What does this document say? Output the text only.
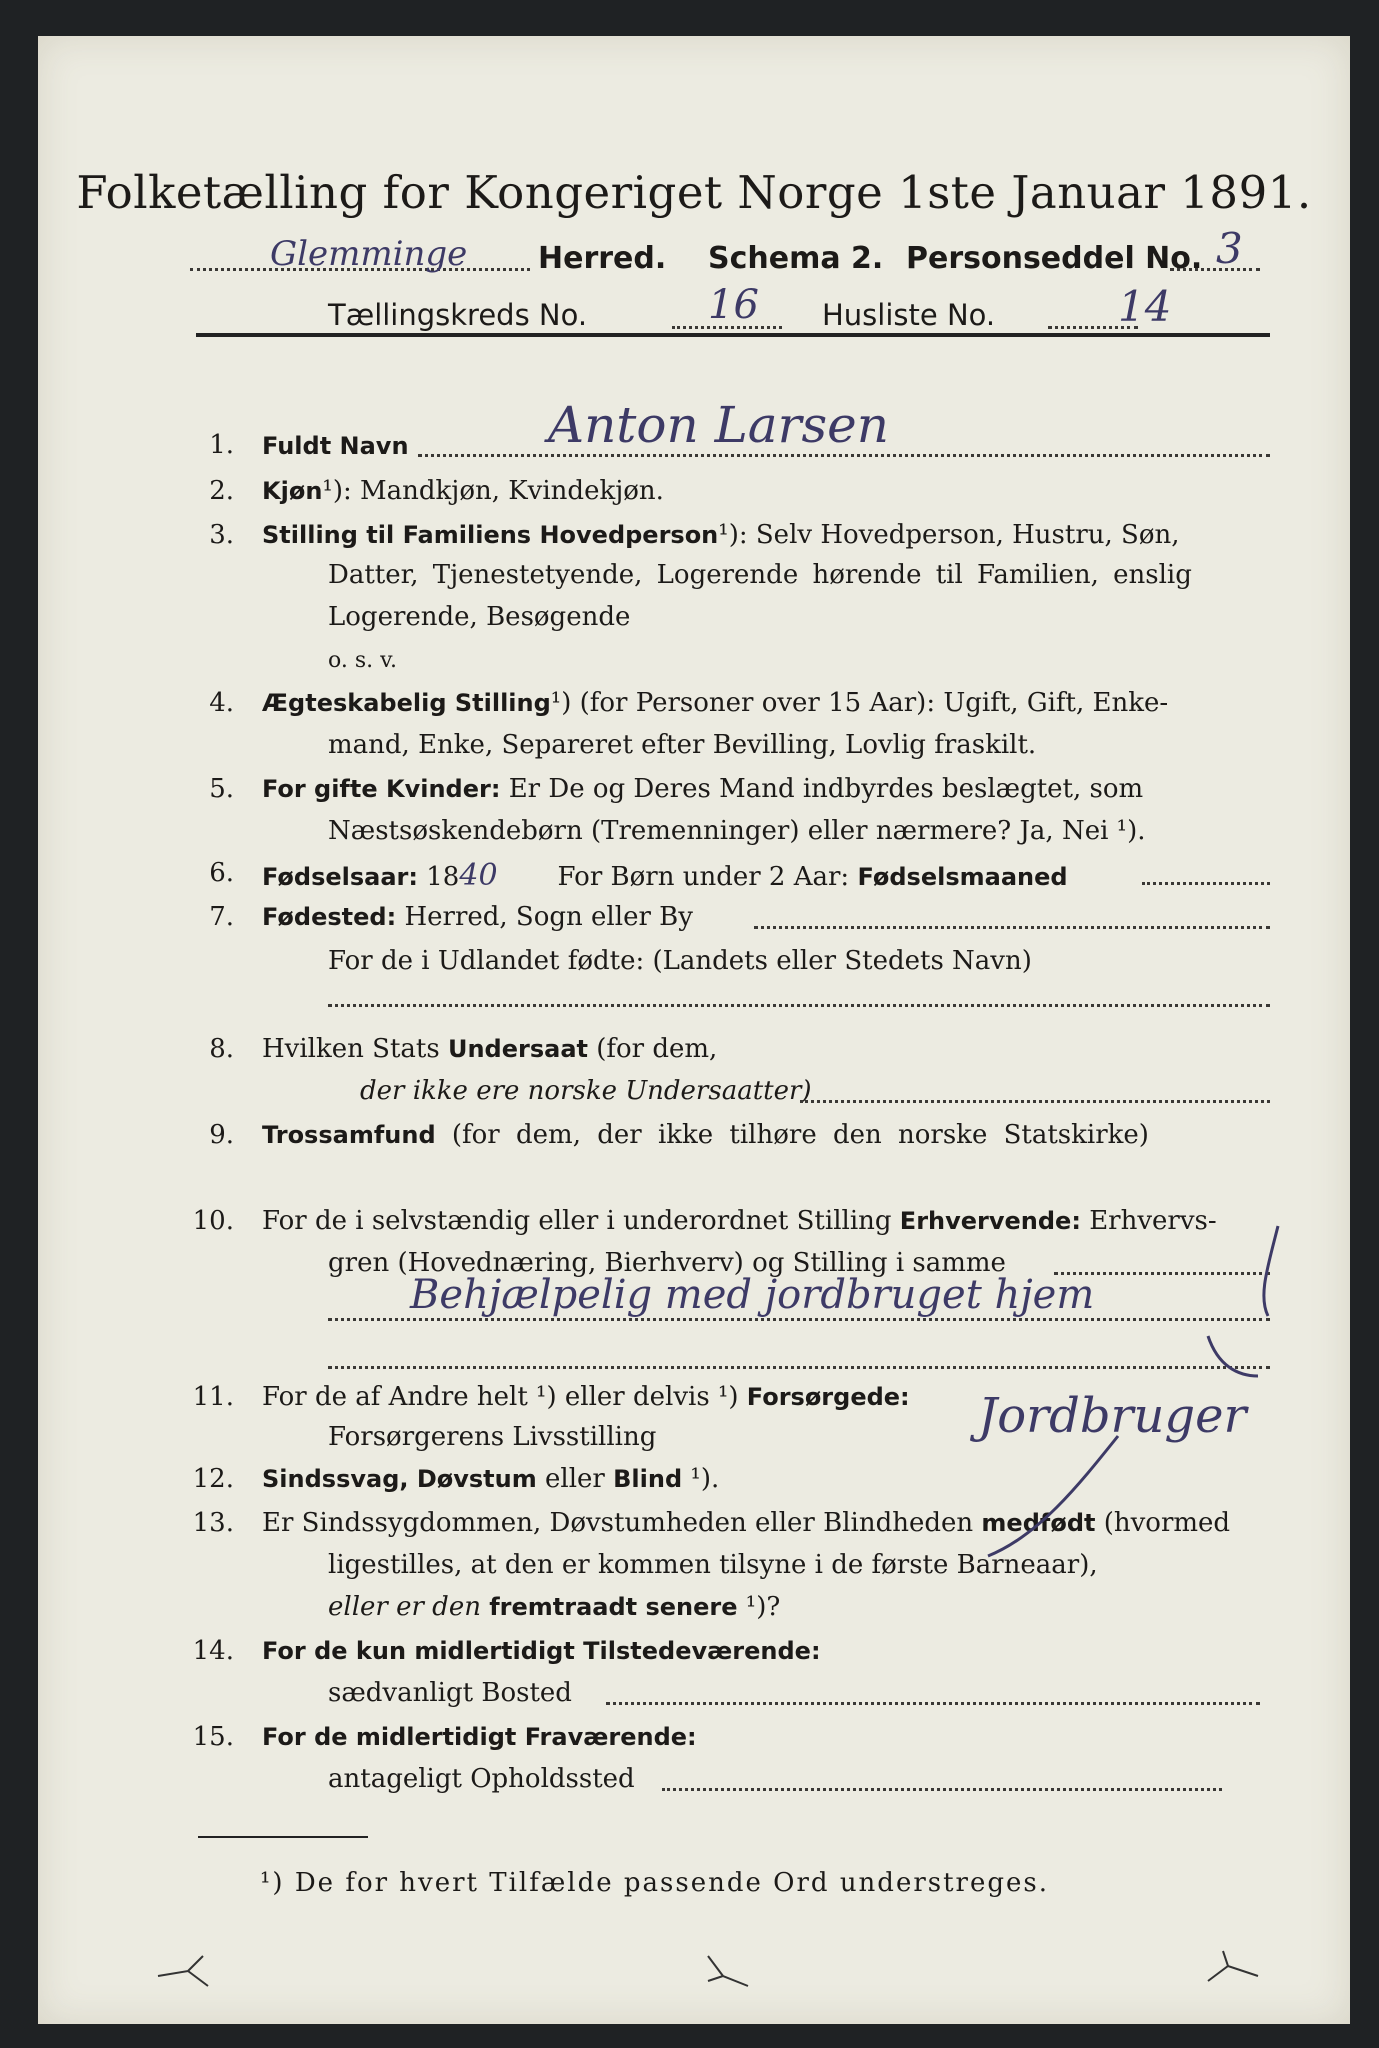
Folketælling for Kongeriget Norge 1ste Januar 1891.
Glemminge Herred. Schema 2. Personseddel No. 3
Tællingskreds No.	16 Husliste No.	14
1. Fuldt Navn	Anton Larsen
2. Kjøn¹): Mandkjøn, Kvindekjøn.
3. Stilling til Familiens Hovedperson¹): Selv Hovedperson, Hustru, Søn,
Datter, Tjenestetyende, Logerende hørende til Familien, enslig
Logerende, Besøgende
o. s. v.
4. Ægteskabelig Stilling¹) (for Personer over 15 Aar): Ugift, Gift, Enke-
mand, Enke, Separeret efter Bevilling, Lovlig fraskilt.
5. For gifte Kvinder: Er De og Deres Mand indbyrdes beslægtet, som
Næstsøskendebørn (Tremenninger) eller nærmere? Ja, Nei ¹).
6. Fødselsaar: 1840 For Børn under 2 Aar: Fødselsmaaned
7. Fødested: Herred, Sogn eller By
For de i Udlandet fødte: (Landets eller Stedets Navn)
8. Hvilken Stats Undersaat (for dem,
der ikke ere norske Undersaatter)
9. Trossamfund (for dem, der ikke tilhøre den norske Statskirke)
10. For de i selvstændig eller i underordnet Stilling Erhvervende: Erhvervs-
gren (Hovednæring, Bierhverv) og Stilling i samme
Behjælpelig med jordbruget hjem
11. For de af Andre helt ¹) eller delvis ¹) Forsørgede:
Forsørgerens Livsstilling	Jordbruger
12. Sindssvag, Døvstum eller Blind ¹).
13. Er Sindssygdommen, Døvstumheden eller Blindheden medfødt (hvormed
ligestilles, at den er kommen tilsyne i de første Barneaar),
eller er den fremtraadt senere ¹)?
14. For de kun midlertidigt Tilstedeværende:
sædvanligt Bosted
15. For de midlertidigt Fraværende:
antageligt Opholdssted
¹) De for hvert Tilfælde passende Ord understreges.
